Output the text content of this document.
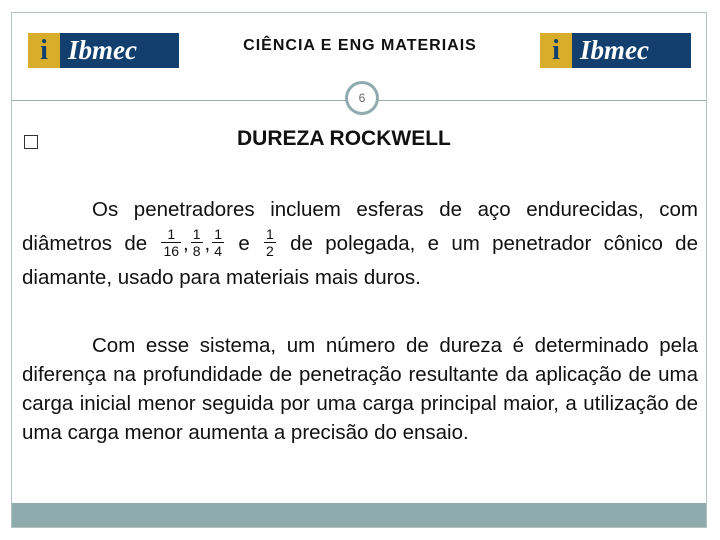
i Ibmec	CIÊNCIA E ENG MATERIAIS	i Ibmec
6
DUREZA ROCKWELL
Os penetradores incluem esferas de aço endurecidas, com diâmetros de $\frac{1}{16}$ , $\frac{1}{8}$ , $\frac{1}{4}$ e $\frac{1}{2}$ de polegada, e um penetrador cônico de diamante, usado para materiais mais duros.
Com esse sistema, um número de dureza é determinado pela diferença na profundidade de penetração resultante da aplicação de uma carga inicial menor seguida por uma carga principal maior, a utilização de uma carga menor aumenta a precisão do ensaio.
